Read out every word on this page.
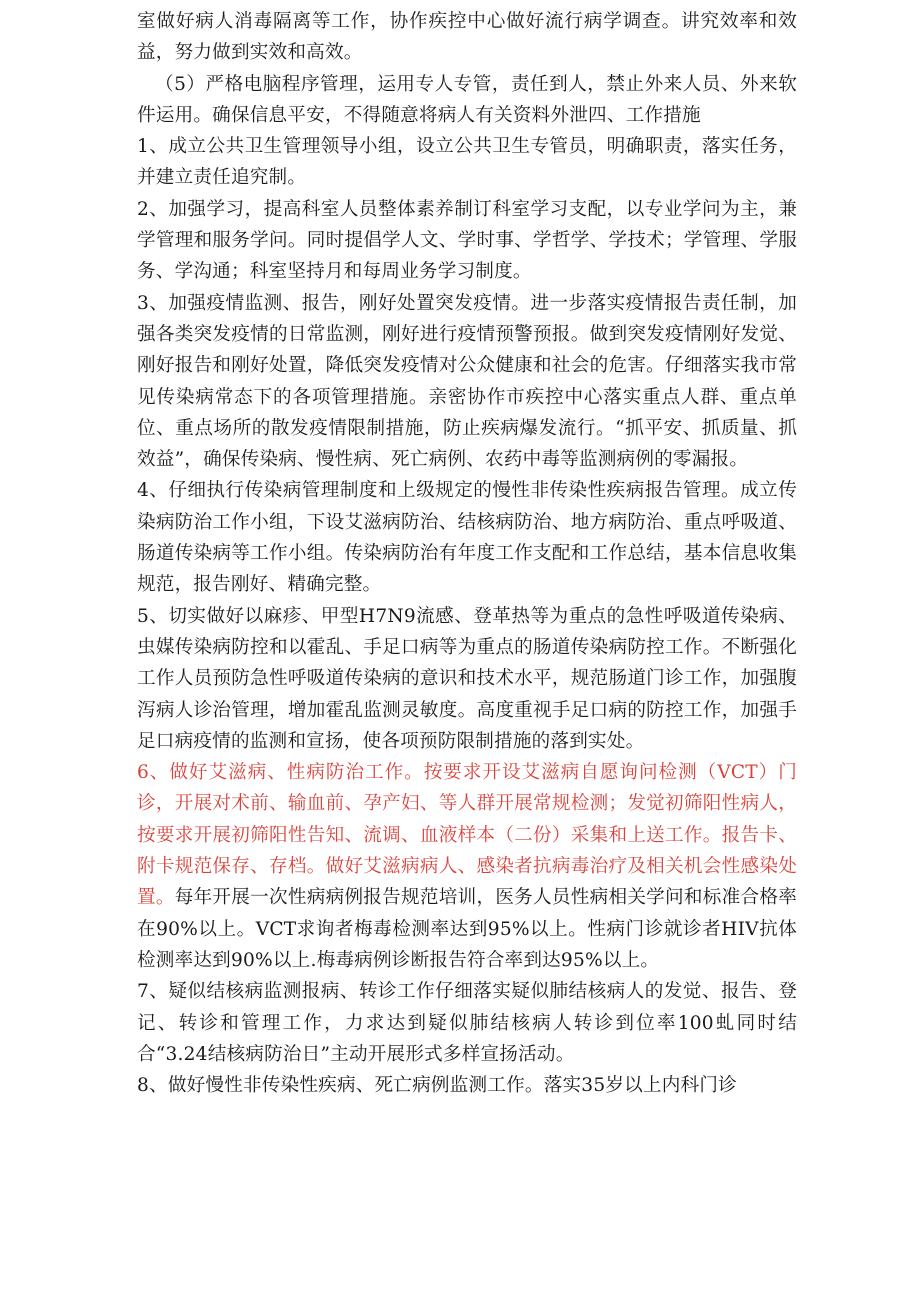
室做好病人消毒隔离等工作，协作疾控中心做好流行病学调查。讲究效率和效益，努力做到实效和高效。

（5）严格电脑程序管理，运用专人专管，责任到人，禁止外来人员、外来软件运用。确保信息平安，不得随意将病人有关资料外泄四、工作措施

1、成立公共卫生管理领导小组，设立公共卫生专管员，明确职责，落实任务，并建立责任追究制。

2、加强学习，提高科室人员整体素养制订科室学习支配，以专业学问为主，兼学管理和服务学问。同时提倡学人文、学时事、学哲学、学技术；学管理、学服务、学沟通；科室坚持月和每周业务学习制度。

3、加强疫情监测、报告，刚好处置突发疫情。进一步落实疫情报告责任制，加强各类突发疫情的日常监测，刚好进行疫情预警预报。做到突发疫情刚好发觉、刚好报告和刚好处置，降低突发疫情对公众健康和社会的危害。仔细落实我市常见传染病常态下的各项管理措施。亲密协作市疾控中心落实重点人群、重点单位、重点场所的散发疫情限制措施，防止疾病爆发流行。“抓平安、抓质量、抓效益”，确保传染病、慢性病、死亡病例、农药中毒等监测病例的零漏报。

4、仔细执行传染病管理制度和上级规定的慢性非传染性疾病报告管理。成立传染病防治工作小组，下设艾滋病防治、结核病防治、地方病防治、重点呼吸道、肠道传染病等工作小组。传染病防治有年度工作支配和工作总结，基本信息收集规范，报告刚好、精确完整。

5、切实做好以麻疹、甲型H7N9流感、登革热等为重点的急性呼吸道传染病、虫媒传染病防控和以霍乱、手足口病等为重点的肠道传染病防控工作。不断强化工作人员预防急性呼吸道传染病的意识和技术水平，规范肠道门诊工作，加强腹泻病人诊治管理，增加霍乱监测灵敏度。高度重视手足口病的防控工作，加强手足口病疫情的监测和宣扬，使各项预防限制措施的落到实处。

6、做好艾滋病、性病防治工作。按要求开设艾滋病自愿询问检测（VCT）门诊，开展对术前、输血前、孕产妇、等人群开展常规检测；发觉初筛阳性病人，按要求开展初筛阳性告知、流调、血液样本（二份）采集和上送工作。报告卡、附卡规范保存、存档。做好艾滋病病人、感染者抗病毒治疗及相关机会性感染处置。每年开展一次性病病例报告规范培训，医务人员性病相关学问和标准合格率在90%以上。VCT求询者梅毒检测率达到95%以上。性病门诊就诊者HIV抗体检测率达到90%以上.梅毒病例诊断报告符合率到达95%以上。

7、疑似结核病监测报病、转诊工作仔细落实疑似肺结核病人的发觉、报告、登记、转诊和管理工作，力求达到疑似肺结核病人转诊到位率100虬同时结合“3.24结核病防治日”主动开展形式多样宣扬活动。

8、做好慢性非传染性疾病、死亡病例监测工作。落实35岁以上内科门诊
